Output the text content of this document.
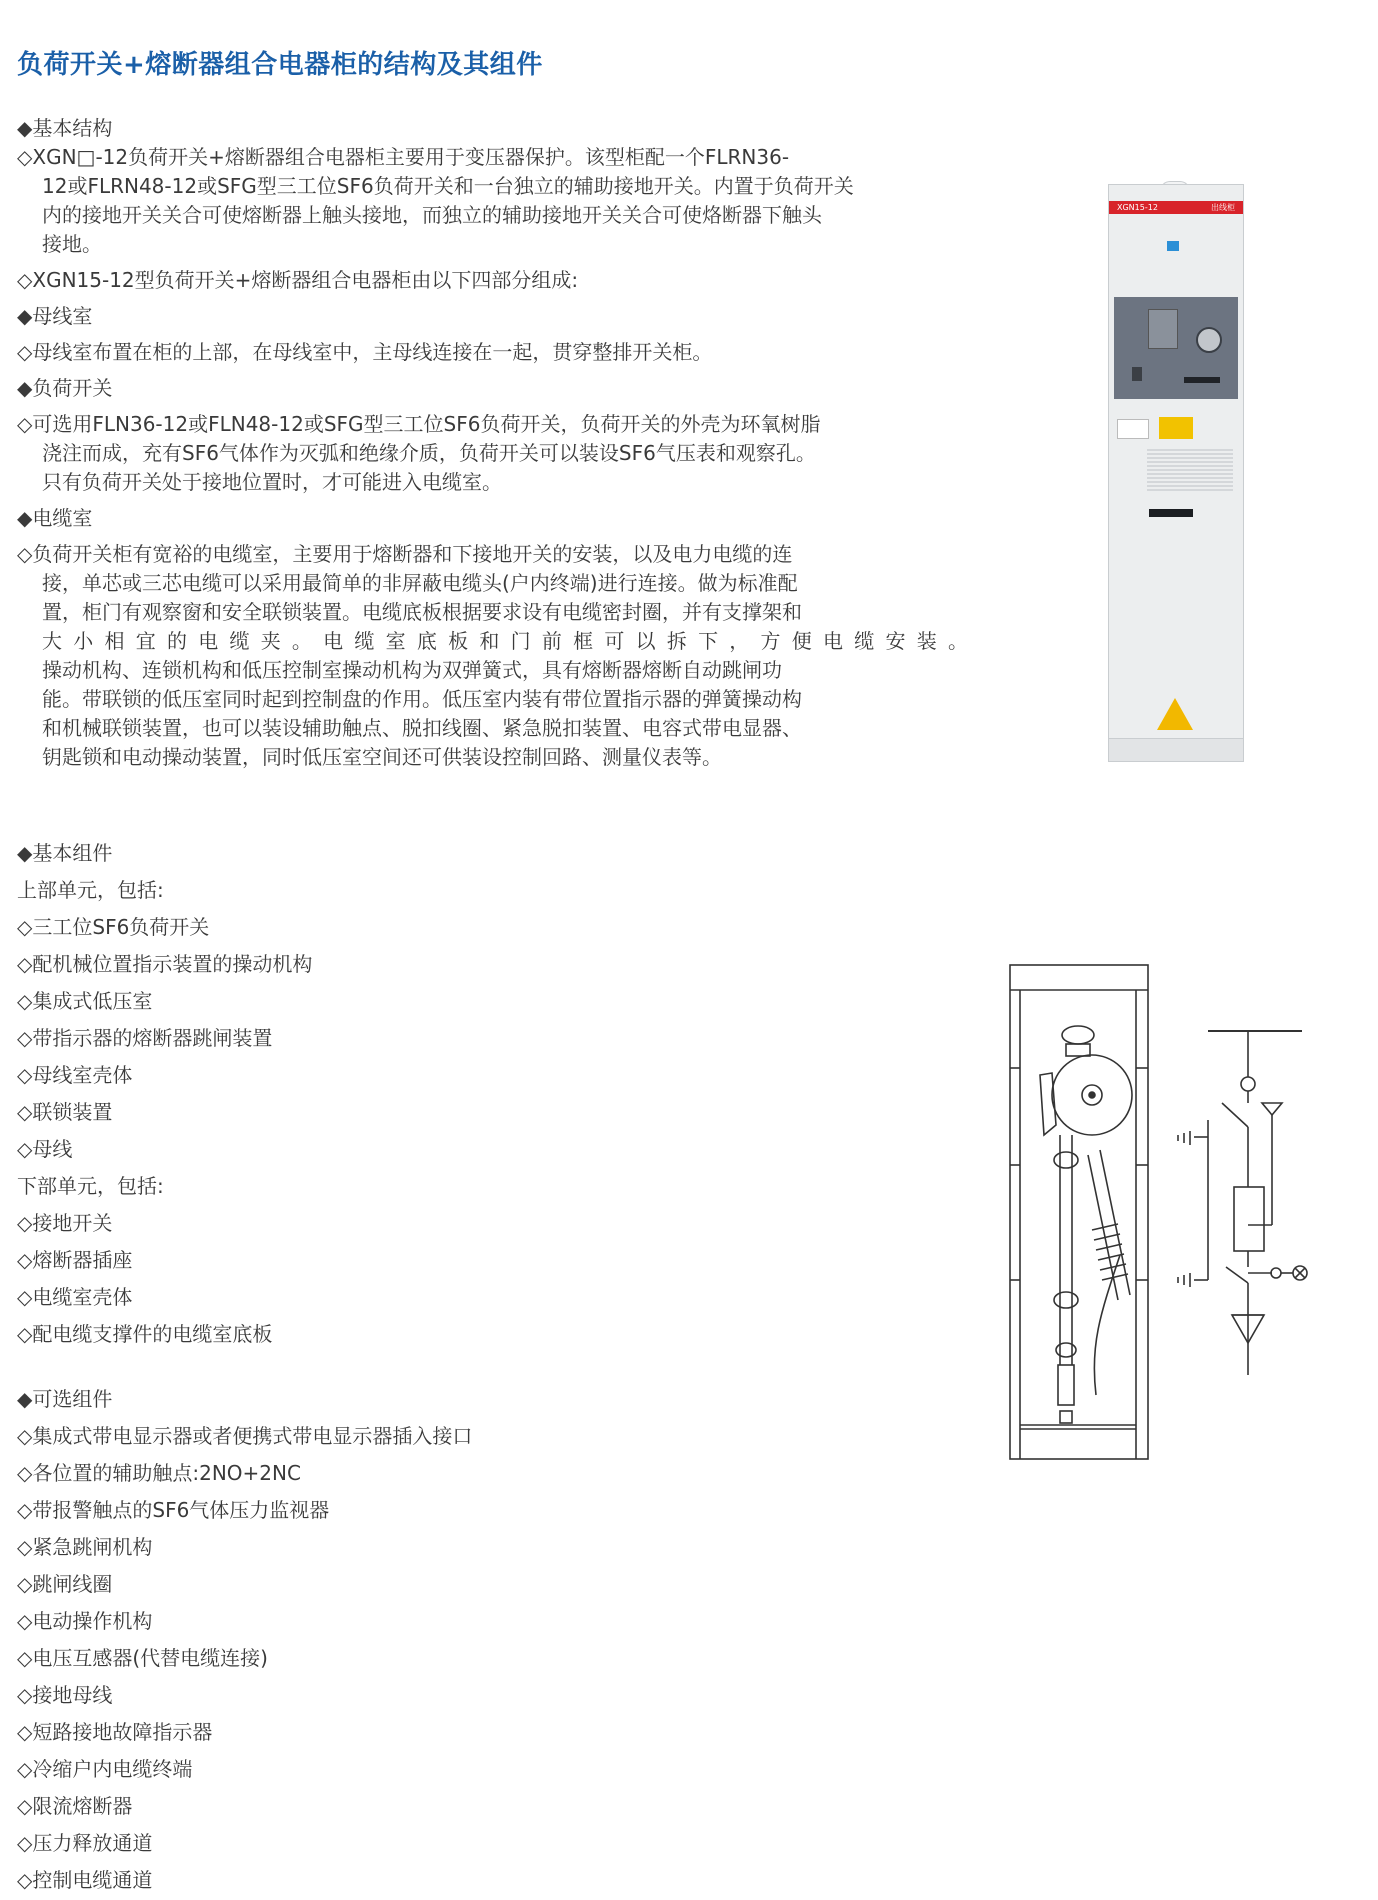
负荷开关+熔断器组合电器柜的结构及其组件
◆基本结构
◇XGN□-12负荷开关+熔断器组合电器柜主要用于变压器保护。该型柜配一个FLRN36-
12或FLRN48-12或SFG型三工位SF6负荷开关和一台独立的辅助接地开关。内置于负荷开关
内的接地开关关合可使熔断器上触头接地，而独立的辅助接地开关关合可使烙断器下触头
接地。
◇XGN15-12型负荷开关+熔断器组合电器柜由以下四部分组成:
◆母线室
◇母线室布置在柜的上部，在母线室中，主母线连接在一起，贯穿整排开关柜。
◆负荷开关
◇可选用FLN36-12或FLN48-12或SFG型三工位SF6负荷开关，负荷开关的外壳为环氧树脂
浇注而成，充有SF6气体作为灭弧和绝缘介质，负荷开关可以装设SF6气压表和观察孔。
只有负荷开关处于接地位置时，才可能进入电缆室。
◆电缆室
◇负荷开关柜有宽裕的电缆室，主要用于熔断器和下接地开关的安装，以及电力电缆的连
接，单芯或三芯电缆可以采用最简单的非屏蔽电缆头(户内终端)进行连接。做为标准配
置，柜门有观察窗和安全联锁装置。电缆底板根据要求设有电缆密封圈，并有支撑架和
大小相宜的电缆夹。电缆室底板和门前框可以拆下，方便电缆安装。
操动机构、连锁机构和低压控制室操动机构为双弹簧式，具有熔断器熔断自动跳闸功
能。带联锁的低压室同时起到控制盘的作用。低压室内装有带位置指示器的弹簧操动构
和机械联锁装置，也可以装设辅助触点、脱扣线圈、紧急脱扣装置、电容式带电显器、
钥匙锁和电动操动装置，同时低压室空间还可供装设控制回路、测量仪表等。
◆基本组件
上部单元，包括:
◇三工位SF6负荷开关
◇配机械位置指示装置的操动机构
◇集成式低压室
◇带指示器的熔断器跳闸装置
◇母线室壳体
◇联锁装置
◇母线
下部单元，包括:
◇接地开关
◇熔断器插座
◇电缆室壳体
◇配电缆支撑件的电缆室底板
◆可选组件
◇集成式带电显示器或者便携式带电显示器插入接口
◇各位置的辅助触点:2NO+2NC
◇带报警触点的SF6气体压力监视器
◇紧急跳闸机构
◇跳闸线圈
◇电动操作机构
◇电压互感器(代替电缆连接)
◇接地母线
◇短路接地故障指示器
◇冷缩户内电缆终端
◇限流熔断器
◇压力释放通道
◇控制电缆通道
XGN15-12	出线柜
